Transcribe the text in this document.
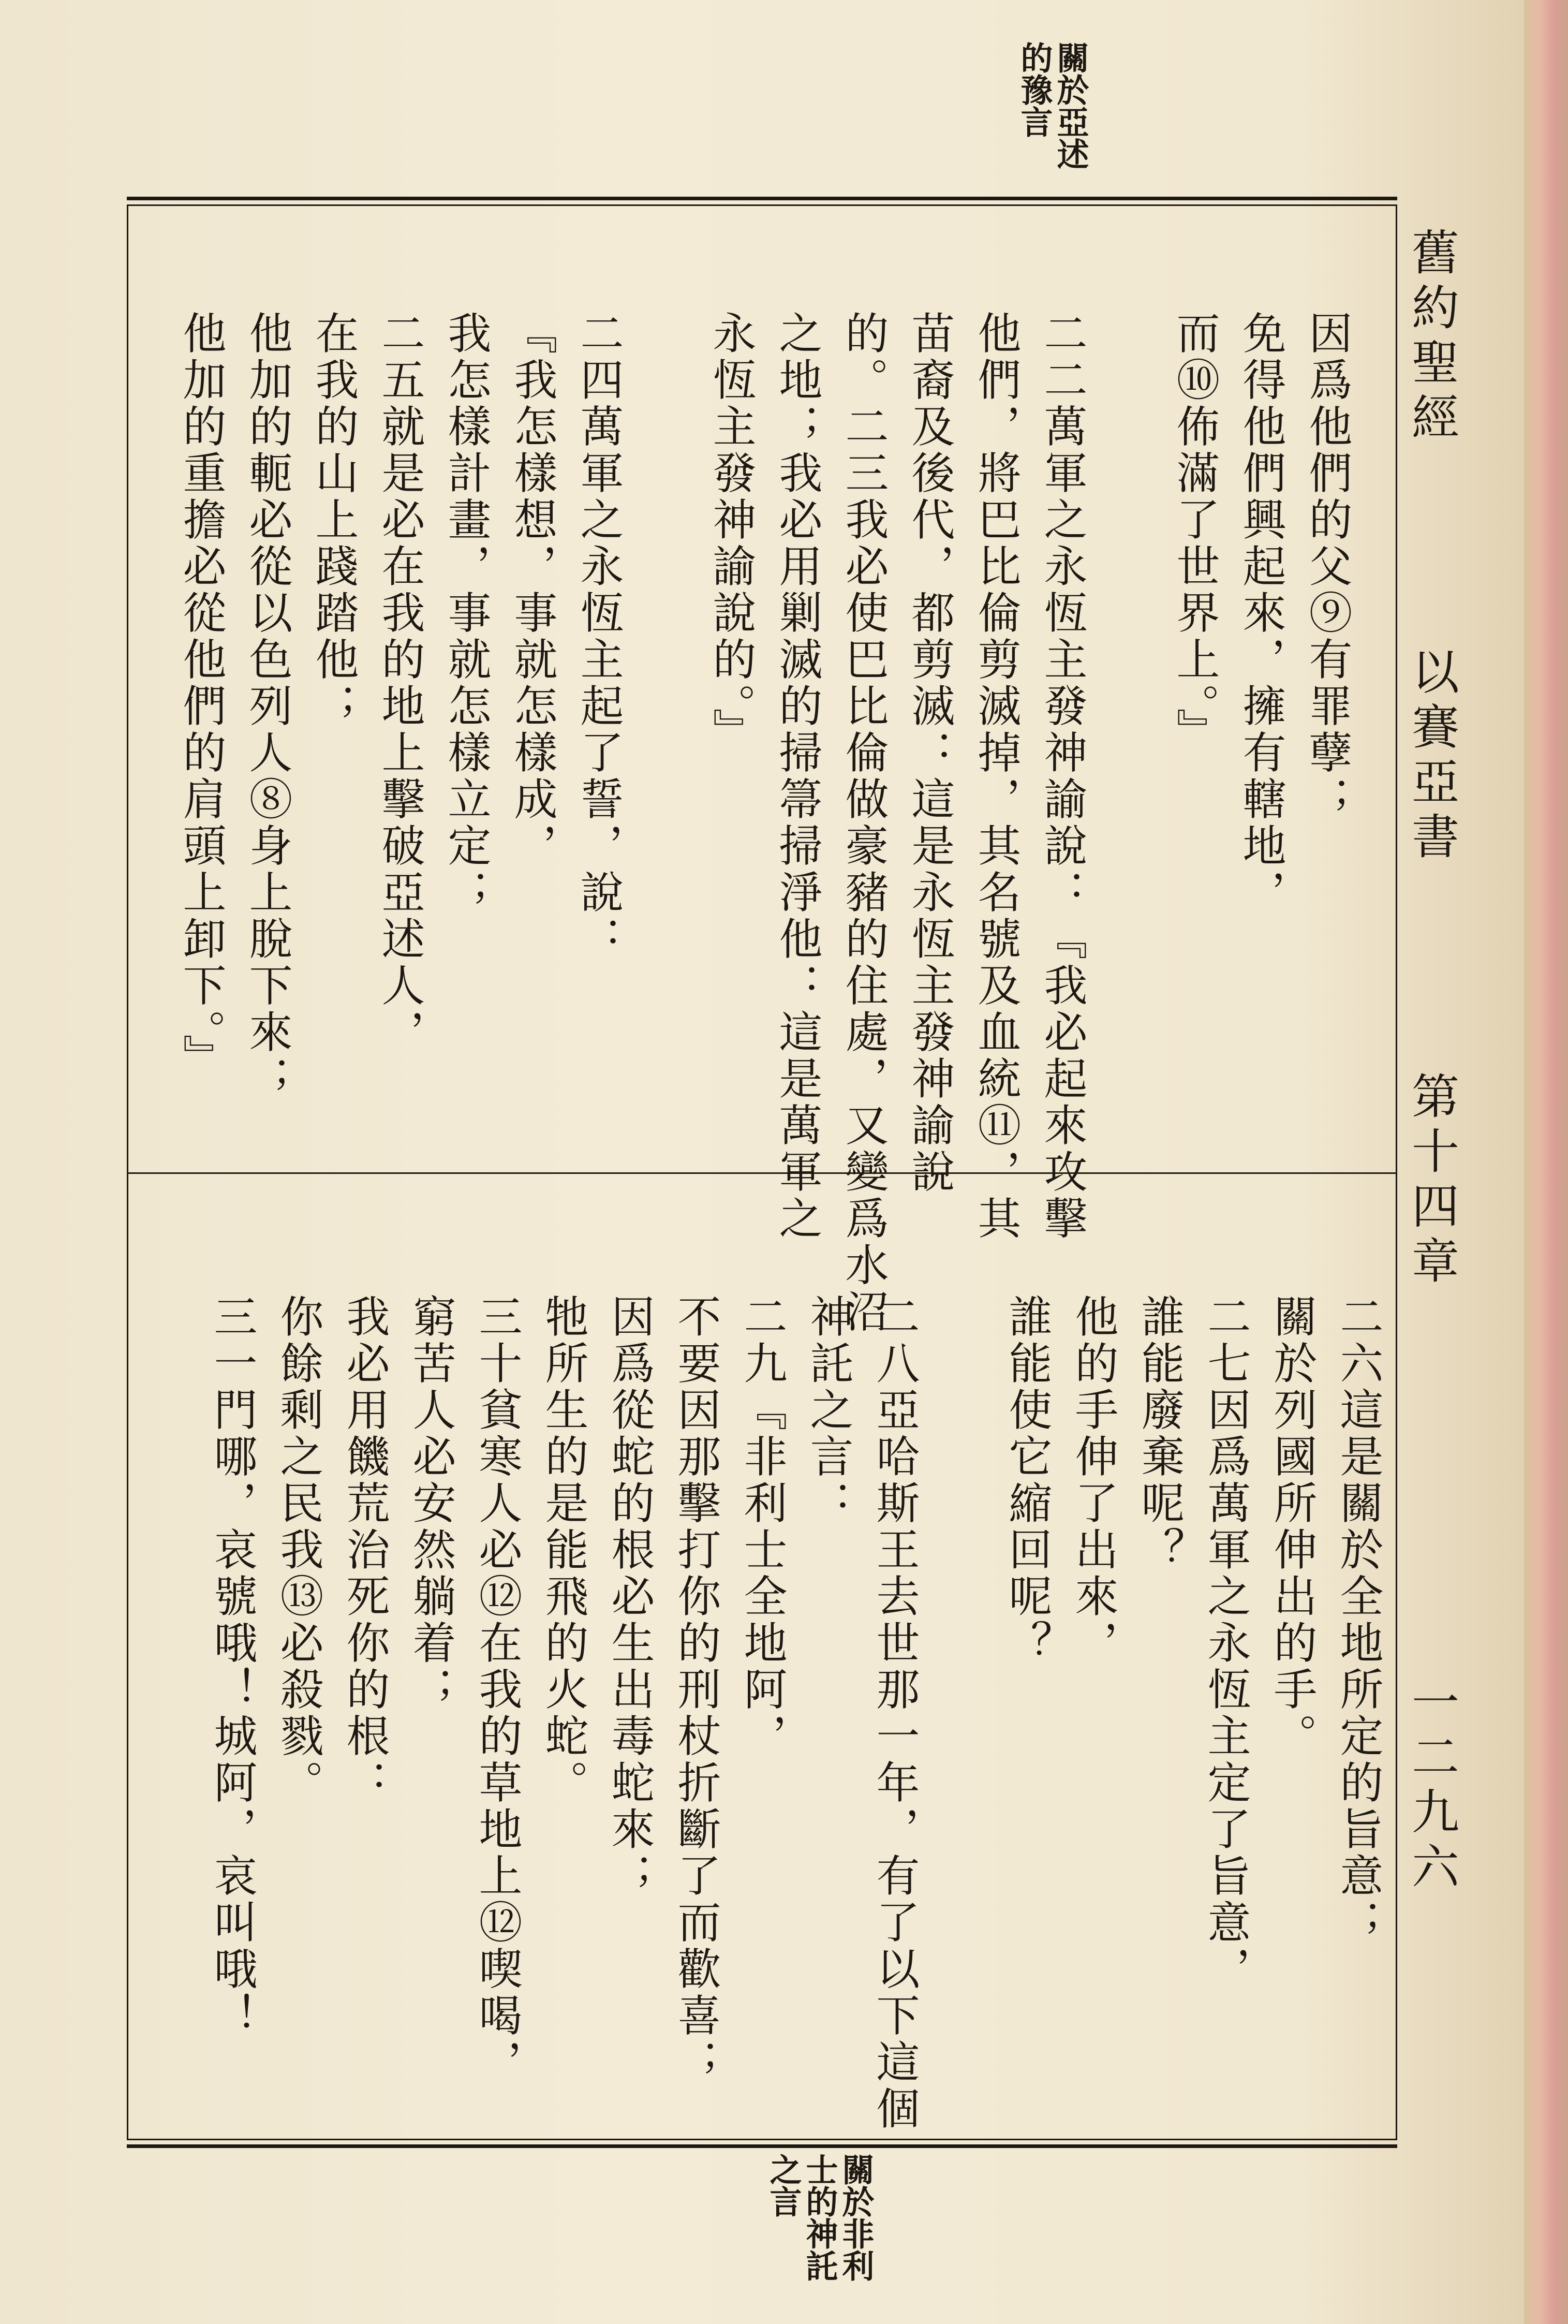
舊約聖經
以賽亞書
第十四章
一二九六
關於亞述
的豫言
關於非利
士的神託
之言
因爲他們的父⑨有罪孽；
免得他們興起來，擁有轄地，
而⑩佈滿了世界上。』
二二萬軍之永恆主發神諭說：『我必起來攻擊
他們，將巴比倫剪滅掉，其名號及血統⑪，其
苗裔及後代，都剪滅：這是永恆主發神諭說
的。二三我必使巴比倫做豪豬的住處，又變爲水沼
之地；我必用剿滅的掃箒掃淨他：這是萬軍之
永恆主發神諭說的。』
二四萬軍之永恆主起了誓，說：
『我怎樣想，事就怎樣成，
我怎樣計畫，事就怎樣立定；
二五就是必在我的地上擊破亞述人，
在我的山上踐踏他；
他加的軛必從以色列人⑧身上脫下來；
他加的重擔必從他們的肩頭上卸下。』
二六這是關於全地所定的旨意；
關於列國所伸出的手。
二七因爲萬軍之永恆主定了旨意，
誰能廢棄呢？
他的手伸了出來，
誰能使它縮回呢？
二八亞哈斯王去世那一年，有了以下這個
神託之言：
二九『非利士全地阿，
不要因那擊打你的刑杖折斷了而歡喜；
因爲從蛇的根必生出毒蛇來；
牠所生的是能飛的火蛇。
三十貧寒人必⑫在我的草地上⑫喫喝，
窮苦人必安然躺着；
我必用饑荒治死你的根：
你餘剩之民我⑬必殺戮。
三一門哪，哀號哦！城阿，哀叫哦！
